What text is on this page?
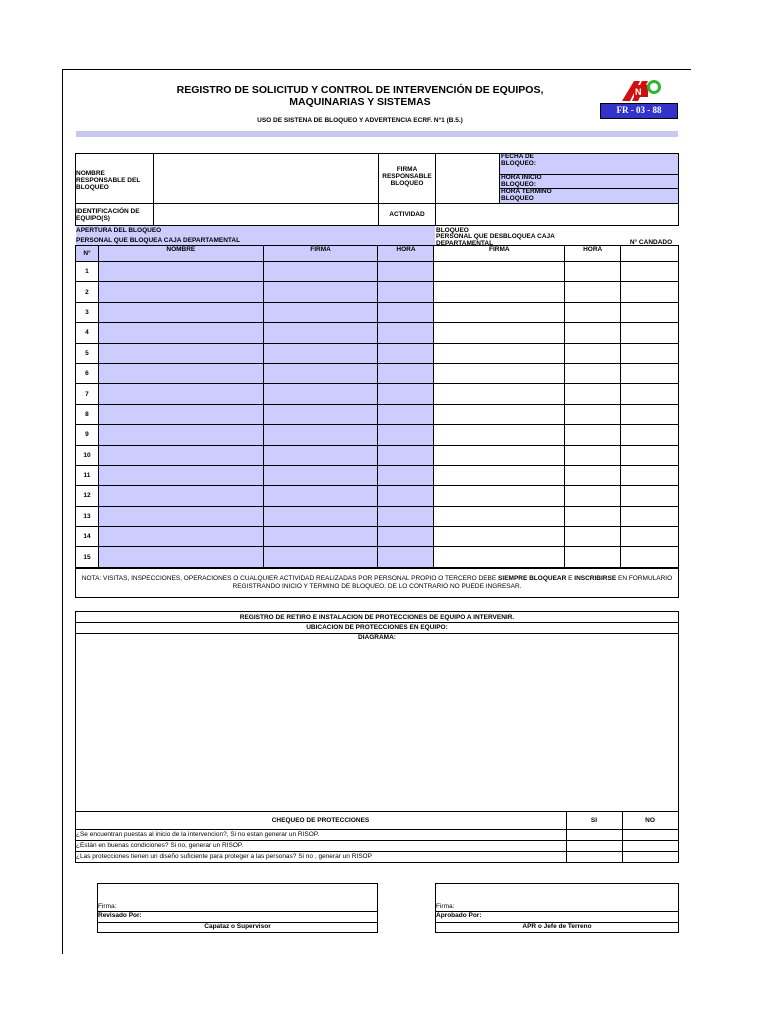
REGISTRO DE SOLICITUD Y CONTROL DE INTERVENCIÓN DE EQUIPOS, MAQUINARIAS Y SISTEMAS
USO DE SISTENA DE BLOQUEO Y ADVERTENCIA ECRF. N°1 (B.5.)
N
FR - 03 - 88
NOMBRE RESPONSABLE DEL BLOQUEO
FIRMA RESPONSABLE BLOQUEO
FECHA DE BLOQUEO:
HORA INICIO BLOQUEO:
HORA TERMINO BLOQUEO
IDENTIFICACIÓN DE EQUIPO(S)
ACTIVIDAD
APERTURA DEL BLOQUEO
PERSONAL QUE BLOQUEA CAJA DEPARTAMENTAL
BLOQUEO
PERSONAL QUE DESBLOQUEA CAJA DEPARTAMENTAL	N° CANDADO
N°	NOMBRE	FIRMA	HORA	FIRMA	HORA	
1						
2						
3						
4						
5						
6						
7						
8						
9						
10						
11						
12						
13						
14						
15						
NOTA: VISITAS, INSPECCIONES, OPERACIONES O CUALQUIER ACTIVIDAD REALIZADAS POR PERSONAL PROPIO O TERCERO DEBE SIEMPRE BLOQUEAR E INSCRIBIRSE EN FORMULARIO REGISTRANDO INICIO Y TERMINO DE BLOQUEO. DE LO CONTRARIO NO PUEDE INGRESAR.
REGISTRO DE RETIRO E INSTALACION DE PROTECCIONES DE EQUIPO A INTERVENIR.
UBICACION DE PROTECCIONES EN EQUIPO:
DIAGRAMA:
CHEQUEO DE PROTECCIONES	SI	NO
¿Se encuentran puestas al inicio de la intervencion?, Si no estan generar un RISOP.
¿Están en buenas condiciones? Si no, generar un RISOP.
¿Las protecciones tienen un diseño suficiente para proteger a las personas? Si no , generar un RISOP
Firma:
Revisado Por:
Capataz o Supervisor
Firma:
Aprobado Por:
APR o Jefe de Terreno
